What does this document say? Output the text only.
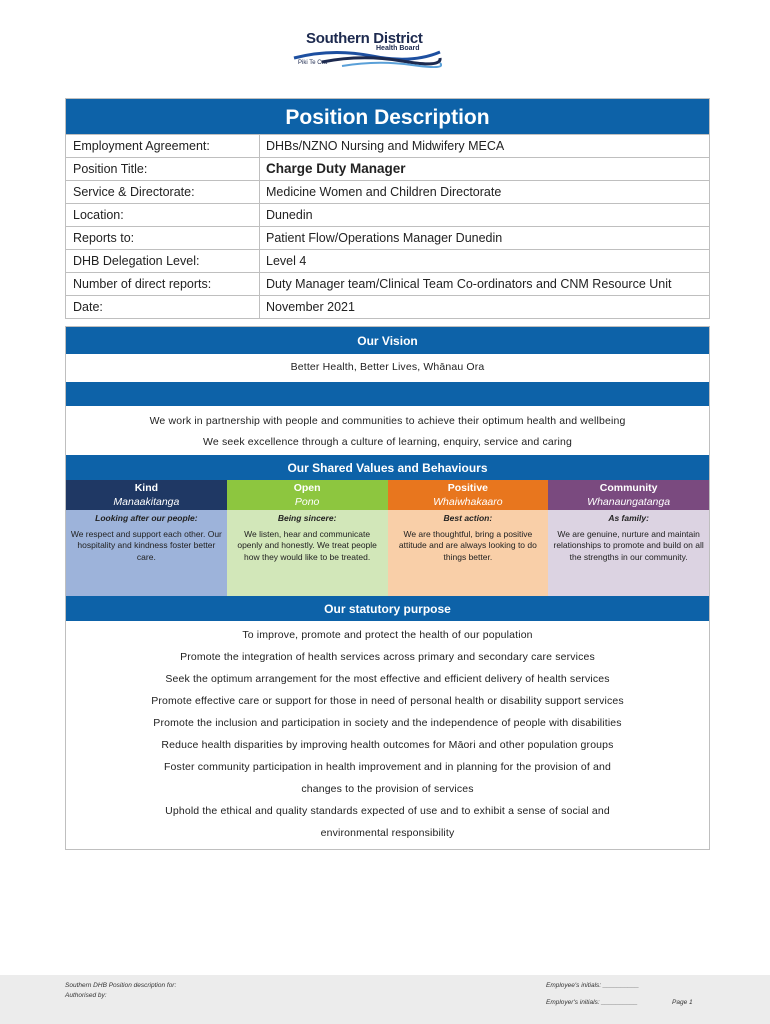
Southern District
Health Board
Piki Te Ora
Position Description
Employment Agreement:	DHBs/NZNO Nursing and Midwifery MECA
Position Title:	Charge Duty Manager
Service & Directorate:	Medicine Women and Children Directorate
Location:	Dunedin
Reports to:	Patient Flow/Operations Manager Dunedin
DHB Delegation Level:	Level 4
Number of direct reports:	Duty Manager team/Clinical Team Co-ordinators and CNM Resource Unit
Date:	November 2021
Our Vision
Better Health, Better Lives, Whānau Ora
We work in partnership with people and communities to achieve their optimum health and wellbeing
We seek excellence through a culture of learning, enquiry, service and caring
Our Shared Values and Behaviours
Kind
Manaakitanga
Looking after our people:
We respect and support each other. Our hospitality and kindness foster better care.
Open
Pono
Being sincere:
We listen, hear and communicate openly and honestly. We treat people how they would like to be treated.
Positive
Whaiwhakaaro
Best action:
We are thoughtful, bring a positive attitude and are always looking to do things better.
Community
Whanaungatanga
As family:
We are genuine, nurture and maintain relationships to promote and build on all the strengths in our community.
Our statutory purpose
To improve, promote and protect the health of our population
Promote the integration of health services across primary and secondary care services
Seek the optimum arrangement for the most effective and efficient delivery of health services
Promote effective care or support for those in need of personal health or disability support services
Promote the inclusion and participation in society and the independence of people with disabilities
Reduce health disparities by improving health outcomes for Māori and other population groups
Foster community participation in health improvement and in planning for the provision of and
changes to the provision of services
Uphold the ethical and quality standards expected of use and to exhibit a sense of social and
environmental responsibility
Southern DHB Position description for:
Authorised by:
Employee's initials: __________
Employer's initials: __________	Page 1
